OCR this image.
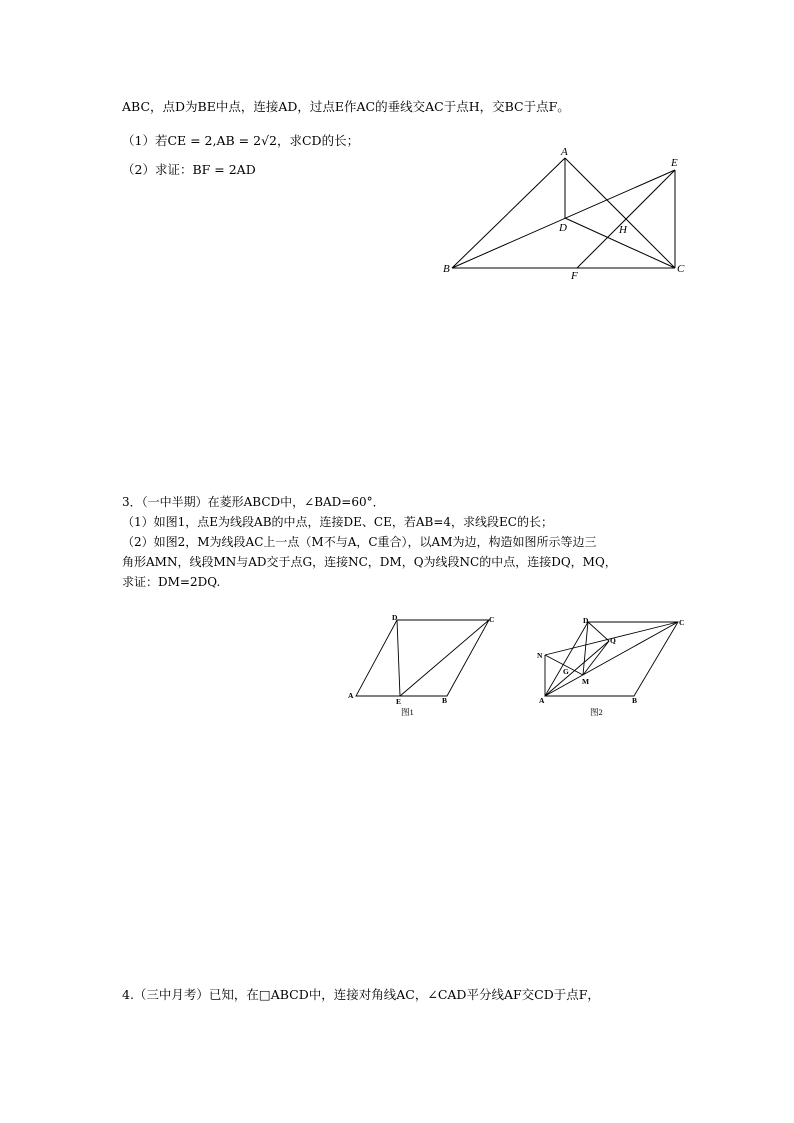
ABC，点D为BE中点，连接AD，过点E作AC的垂线交AC于点H，交BC于点F。
（1）若CE = 2,AB = 2√2，求CD的长；
（2）求证：BF = 2AD
A
E
D	H
B
F
C
3．（一中半期）在菱形ABCD中，∠BAD=60°．
（1）如图1，点E为线段AB的中点，连接DE、CE，若AB=4，求线段EC的长；
（2）如图2，M为线段AC上一点（M不与A，C重合），以AM为边，构造如图所示等边三
角形AMN，线段MN与AD交于点G，连接NC，DM，Q为线段NC的中点，连接DQ，MQ，
求证：DM=2DQ.
D	C
A
E	B
图1
D	C
N
Q
G
M
A	B
图2
4.（三中月考）已知，在□ABCD中，连接对角线AC，∠CAD平分线AF交CD于点F，
